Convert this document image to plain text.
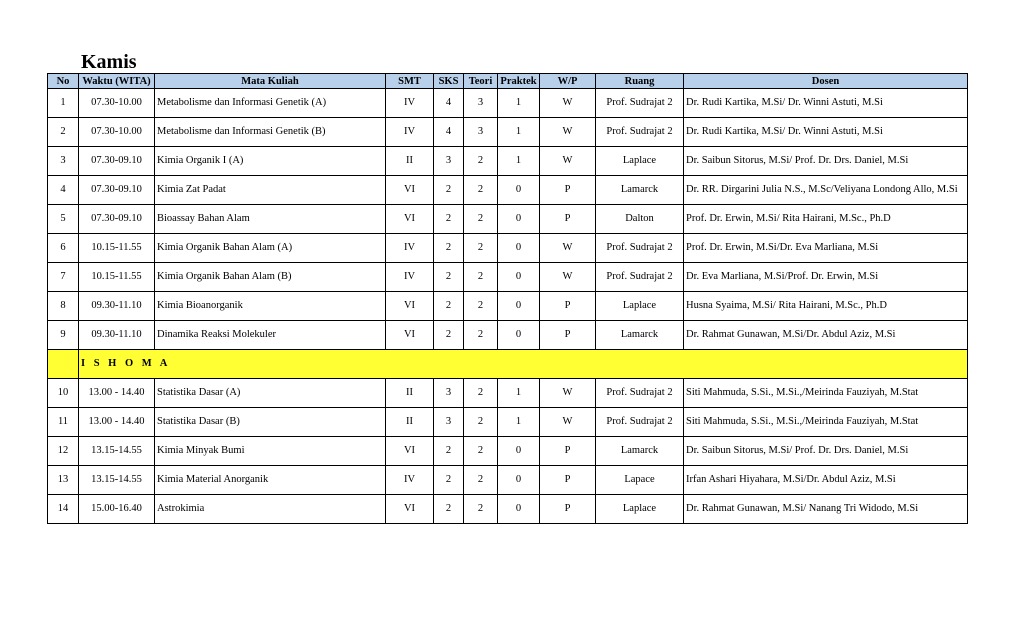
Kamis
No	Waktu (WITA)	Mata Kuliah	SMT	SKS	Teori	Praktek	W/P	Ruang	Dosen
1	07.30-10.00	Metabolisme dan Informasi Genetik (A)	IV	4	3	1	W	Prof. Sudrajat 2	Dr. Rudi Kartika, M.Si/ Dr. Winni Astuti, M.Si
2	07.30-10.00	Metabolisme dan Informasi Genetik (B)	IV	4	3	1	W	Prof. Sudrajat 2	Dr. Rudi Kartika, M.Si/ Dr. Winni Astuti, M.Si
3	07.30-09.10	Kimia Organik I (A)	II	3	2	1	W	Laplace	Dr. Saibun Sitorus, M.Si/ Prof. Dr. Drs. Daniel, M.Si
4	07.30-09.10	Kimia Zat Padat	VI	2	2	0	P	Lamarck	Dr. RR. Dirgarini Julia N.S., M.Sc/Veliyana Londong Allo, M.Si
5	07.30-09.10	Bioassay Bahan Alam	VI	2	2	0	P	Dalton	Prof. Dr. Erwin, M.Si/ Rita Hairani, M.Sc., Ph.D
6	10.15-11.55	Kimia Organik Bahan Alam (A)	IV	2	2	0	W	Prof. Sudrajat 2	Prof. Dr. Erwin, M.Si/Dr. Eva Marliana, M.Si
7	10.15-11.55	Kimia Organik Bahan Alam (B)	IV	2	2	0	W	Prof. Sudrajat 2	Dr. Eva Marliana, M.Si/Prof. Dr. Erwin, M.Si
8	09.30-11.10	Kimia Bioanorganik	VI	2	2	0	P	Laplace	Husna Syaima, M.Si/ Rita Hairani, M.Sc., Ph.D
9	09.30-11.10	Dinamika Reaksi Molekuler	VI	2	2	0	P	Lamarck	Dr. Rahmat Gunawan, M.Si/Dr. Abdul Aziz, M.Si
	I S H O M A								
10	13.00 - 14.40	Statistika Dasar (A)	II	3	2	1	W	Prof. Sudrajat 2	Siti Mahmuda, S.Si., M.Si.,/Meirinda Fauziyah, M.Stat
11	13.00 - 14.40	Statistika Dasar (B)	II	3	2	1	W	Prof. Sudrajat 2	Siti Mahmuda, S.Si., M.Si.,/Meirinda Fauziyah, M.Stat
12	13.15-14.55	Kimia Minyak Bumi	VI	2	2	0	P	Lamarck	Dr. Saibun Sitorus, M.Si/ Prof. Dr. Drs. Daniel, M.Si
13	13.15-14.55	Kimia Material Anorganik	IV	2	2	0	P	Lapace	Irfan Ashari Hiyahara, M.Si/Dr. Abdul Aziz, M.Si
14	15.00-16.40	Astrokimia	VI	2	2	0	P	Laplace	Dr. Rahmat Gunawan, M.Si/ Nanang Tri Widodo, M.Si
